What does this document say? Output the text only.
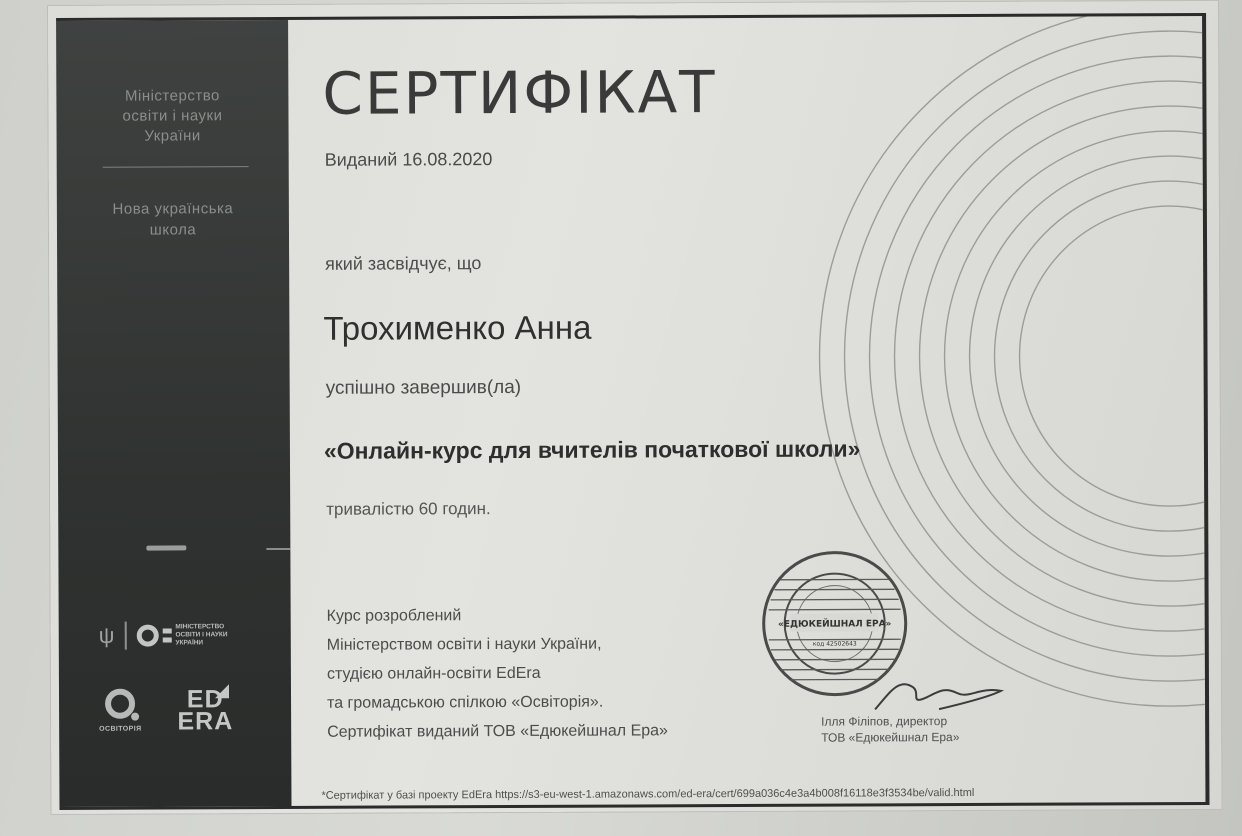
Міністерство
освіти і науки
України
Нова українська
школа
ψ	МІНІСТЕРСТВО
ОСВІТИ І НАУКИ
УКРАЇНИ
OCBITOPIЯ
ED
ERA
СЕРТИФІКАТ
Виданий 16.08.2020
який засвідчує, що
Трохименко Анна
успішно завершив(ла)
«Онлайн-курс для вчителів початкової школи»
тривалістю 60 годин.
Курс розроблений
Міністерством освіти і науки України,
студією онлайн-освіти EdEra
та громадською спілкою «Освіторія».
Сертифікат виданий ТОВ «Едюкейшнал Ера»
«ЕДЮКЕЙШНАЛ ЕРА»
код 42502643
Ілля Філіпов, директор
ТОВ «Едюкейшнал Ера»
*Сертифікат у базі проекту EdEra https://s3-eu-west-1.amazonaws.com/ed-era/cert/699a036c4e3a4b008f16118e3f3534be/valid.html
